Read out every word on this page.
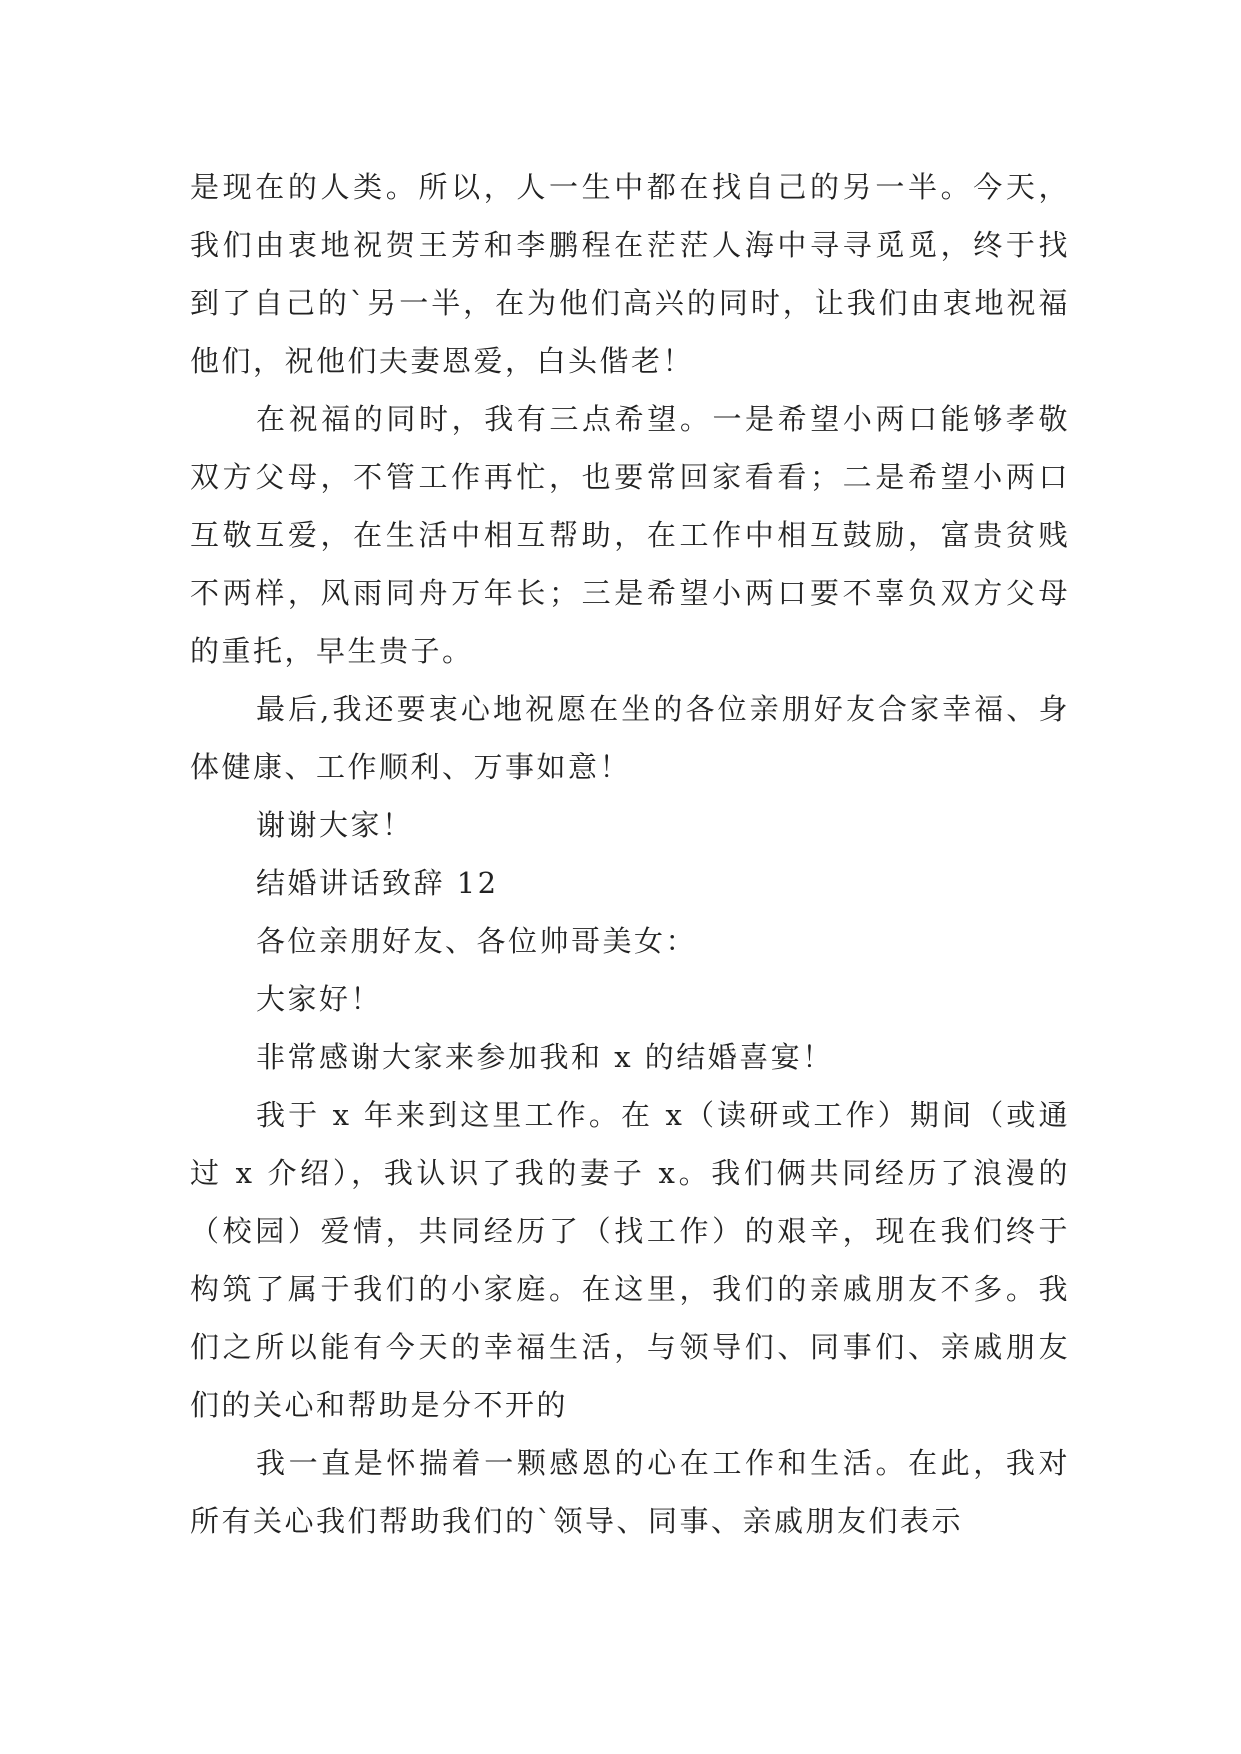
是现在的人类。所以，人一生中都在找自己的另一半。今天，我们由衷地祝贺王芳和李鹏程在茫茫人海中寻寻觅觅，终于找到了自己的`另一半，在为他们高兴的同时，让我们由衷地祝福他们，祝他们夫妻恩爱，白头偕老！

在祝福的同时，我有三点希望。一是希望小两口能够孝敬双方父母，不管工作再忙，也要常回家看看；二是希望小两口互敬互爱，在生活中相互帮助，在工作中相互鼓励，富贵贫贱不两样，风雨同舟万年长；三是希望小两口要不辜负双方父母的重托，早生贵子。

最后,我还要衷心地祝愿在坐的各位亲朋好友合家幸福、身体健康、工作顺利、万事如意！

谢谢大家！

结婚讲话致辞 12

各位亲朋好友、各位帅哥美女：

大家好！

非常感谢大家来参加我和 x 的结婚喜宴！

我于 x 年来到这里工作。在 x（读研或工作）期间（或通过 x 介绍），我认识了我的妻子 x。我们俩共同经历了浪漫的（校园）爱情，共同经历了（找工作）的艰辛，现在我们终于构筑了属于我们的小家庭。在这里，我们的亲戚朋友不多。我们之所以能有今天的幸福生活，与领导们、同事们、亲戚朋友们的关心和帮助是分不开的

我一直是怀揣着一颗感恩的心在工作和生活。在此，我对所有关心我们帮助我们的`领导、同事、亲戚朋友们表示
